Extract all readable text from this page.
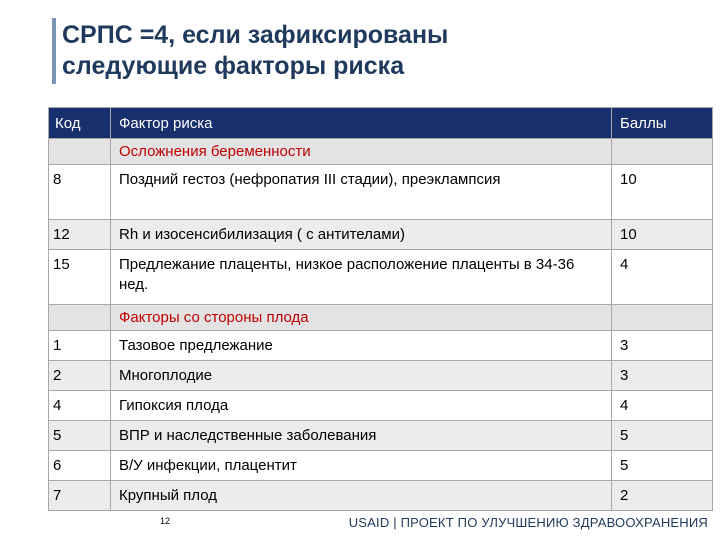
СРПС =4, если зафиксированы
следующие факторы риска
Код	Фактор риска	Баллы
	Осложнения беременности	
8	Поздний гестоз (нефропатия III стадии), преэклампсия	10
12	Rh и изосенсибилизация ( с антителами)	10
15	Предлежание плаценты, низкое расположение плаценты в 34-36 нед.	4
	Факторы со стороны плода	
1	Тазовое предлежание	3
2	Многоплодие	3
4	Гипоксия плода	4
5	ВПР и наследственные заболевания	5
6	В/У инфекции, плацентит	5
7	Крупный плод	2
12	USAID | ПРОЕКТ ПО УЛУЧШЕНИЮ ЗДРАВООХРАНЕНИЯ
